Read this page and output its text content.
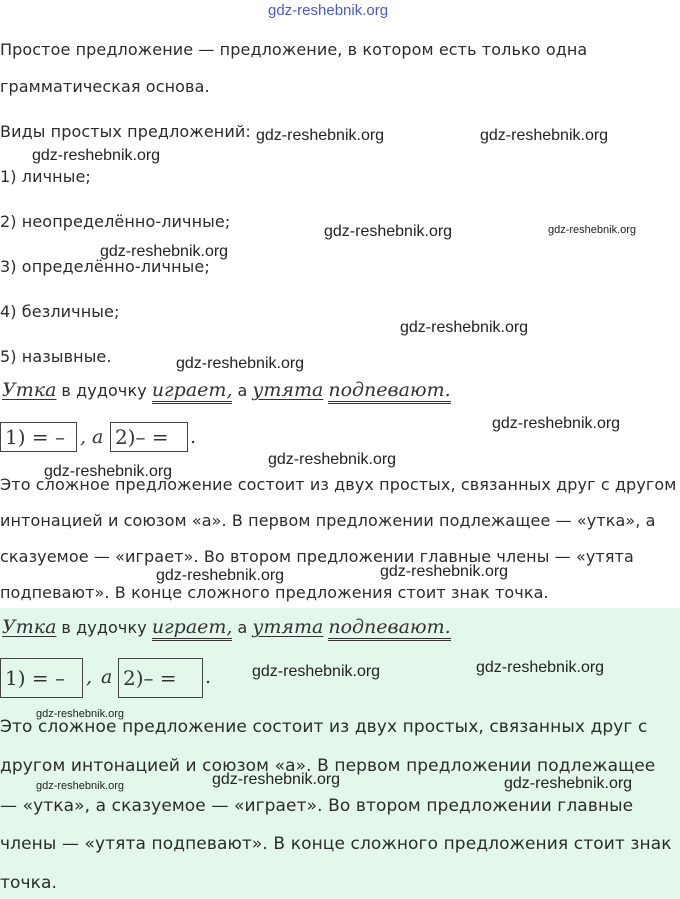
gdz-reshebnik.org
Простое предложение — предложение, в котором есть только одна
грамматическая основа.
Виды простых предложений:
1) личные;
2) неопределённо-личные;
3) определённо-личные;
4) безличные;
5) назывные.
Утка в дудочку играет, а утята подпевают.
1) = – , а 2)– =	.
Это сложное предложение состоит из двух простых, связанных друг с другом
интонацией и союзом «а». В первом предложении подлежащее — «утка», а
сказуемое — «играет». Во втором предложении главные члены — «утята
подпевают». В конце сложного предложения стоит знак точка.
Утка в дудочку играет, а утята подпевают.
1) = –	, а 2)– =	.
Это сложное предложение состоит из двух простых, связанных друг с
другом интонацией и союзом «а». В первом предложении подлежащее
— «утка», а сказуемое — «играет». Во втором предложении главные
члены — «утята подпевают». В конце сложного предложения стоит знак
точка.
gdz-reshebnik.org	gdz-reshebnik.org
gdz-reshebnik.org
gdz-reshebnik.org	gdz-reshebnik.org
gdz-reshebnik.org
gdz-reshebnik.org
gdz-reshebnik.org
gdz-reshebnik.org
gdz-reshebnik.org
gdz-reshebnik.org
gdz-reshebnik.org
gdz-reshebnik.org
gdz-reshebnik.org
gdz-reshebnik.org
gdz-reshebnik.org
gdz-reshebnik.org
gdz-reshebnik.org	gdz-reshebnik.org
